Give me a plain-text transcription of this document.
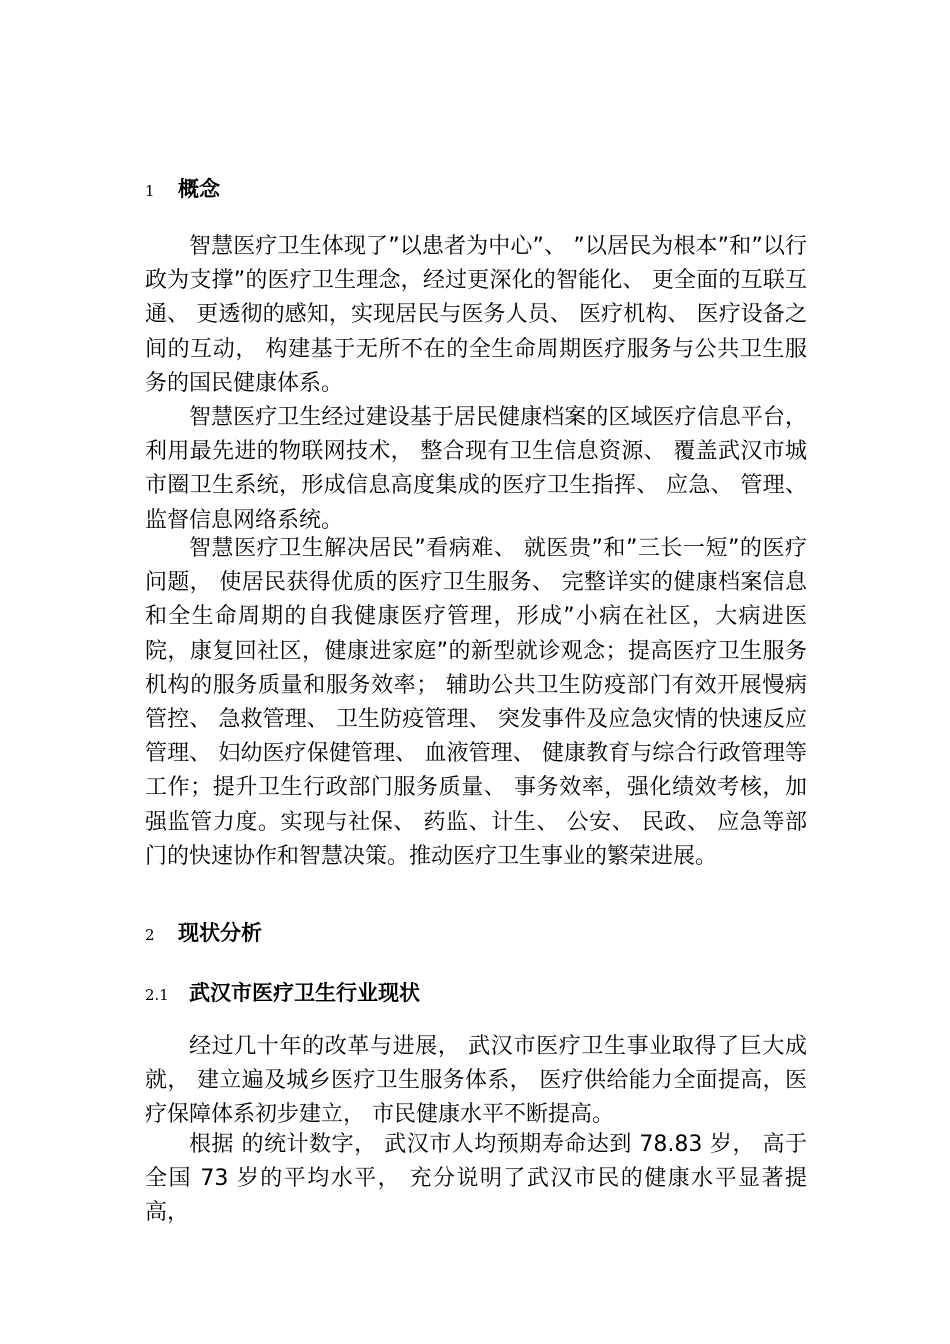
1 概念

智慧医疗卫生体现了”以患者为中心”、 ”以居民为根本”和”以行政为支撑”的医疗卫生理念，经过更深化的智能化、 更全面的互联互通、 更透彻的感知，实现居民与医务人员、 医疗机构、 医疗设备之间的互动， 构建基于无所不在的全生命周期医疗服务与公共卫生服务的国民健康体系。

智慧医疗卫生经过建设基于居民健康档案的区域医疗信息平台， 利用最先进的物联网技术， 整合现有卫生信息资源、 覆盖武汉市城市圈卫生系统，形成信息高度集成的医疗卫生指挥、 应急、 管理、 监督信息网络系统。

智慧医疗卫生解决居民”看病难、 就医贵”和”三长一短”的医疗问题， 使居民获得优质的医疗卫生服务、 完整详实的健康档案信息和全生命周期的自我健康医疗管理，形成”小病在社区，大病进医院，康复回社区，健康进家庭”的新型就诊观念；提高医疗卫生服务机构的服务质量和服务效率； 辅助公共卫生防疫部门有效开展慢病管控、 急救管理、 卫生防疫管理、 突发事件及应急灾情的快速反应管理、 妇幼医疗保健管理、 血液管理、 健康教育与综合行政管理等工作；提升卫生行政部门服务质量、 事务效率，强化绩效考核，加强监管力度。实现与社保、 药监、计生、 公安、 民政、 应急等部门的快速协作和智慧决策。推动医疗卫生事业的繁荣进展。

2 现状分析
2.1 武汉市医疗卫生行业现状

经过几十年的改革与进展， 武汉市医疗卫生事业取得了巨大成就， 建立遍及城乡医疗卫生服务体系， 医疗供给能力全面提高，医疗保障体系初步建立， 市民健康水平不断提高。

根据 的统计数字， 武汉市人均预期寿命达到 78.83 岁， 高于全国 73 岁的平均水平， 充分说明了武汉市民的健康水平显著提高，
